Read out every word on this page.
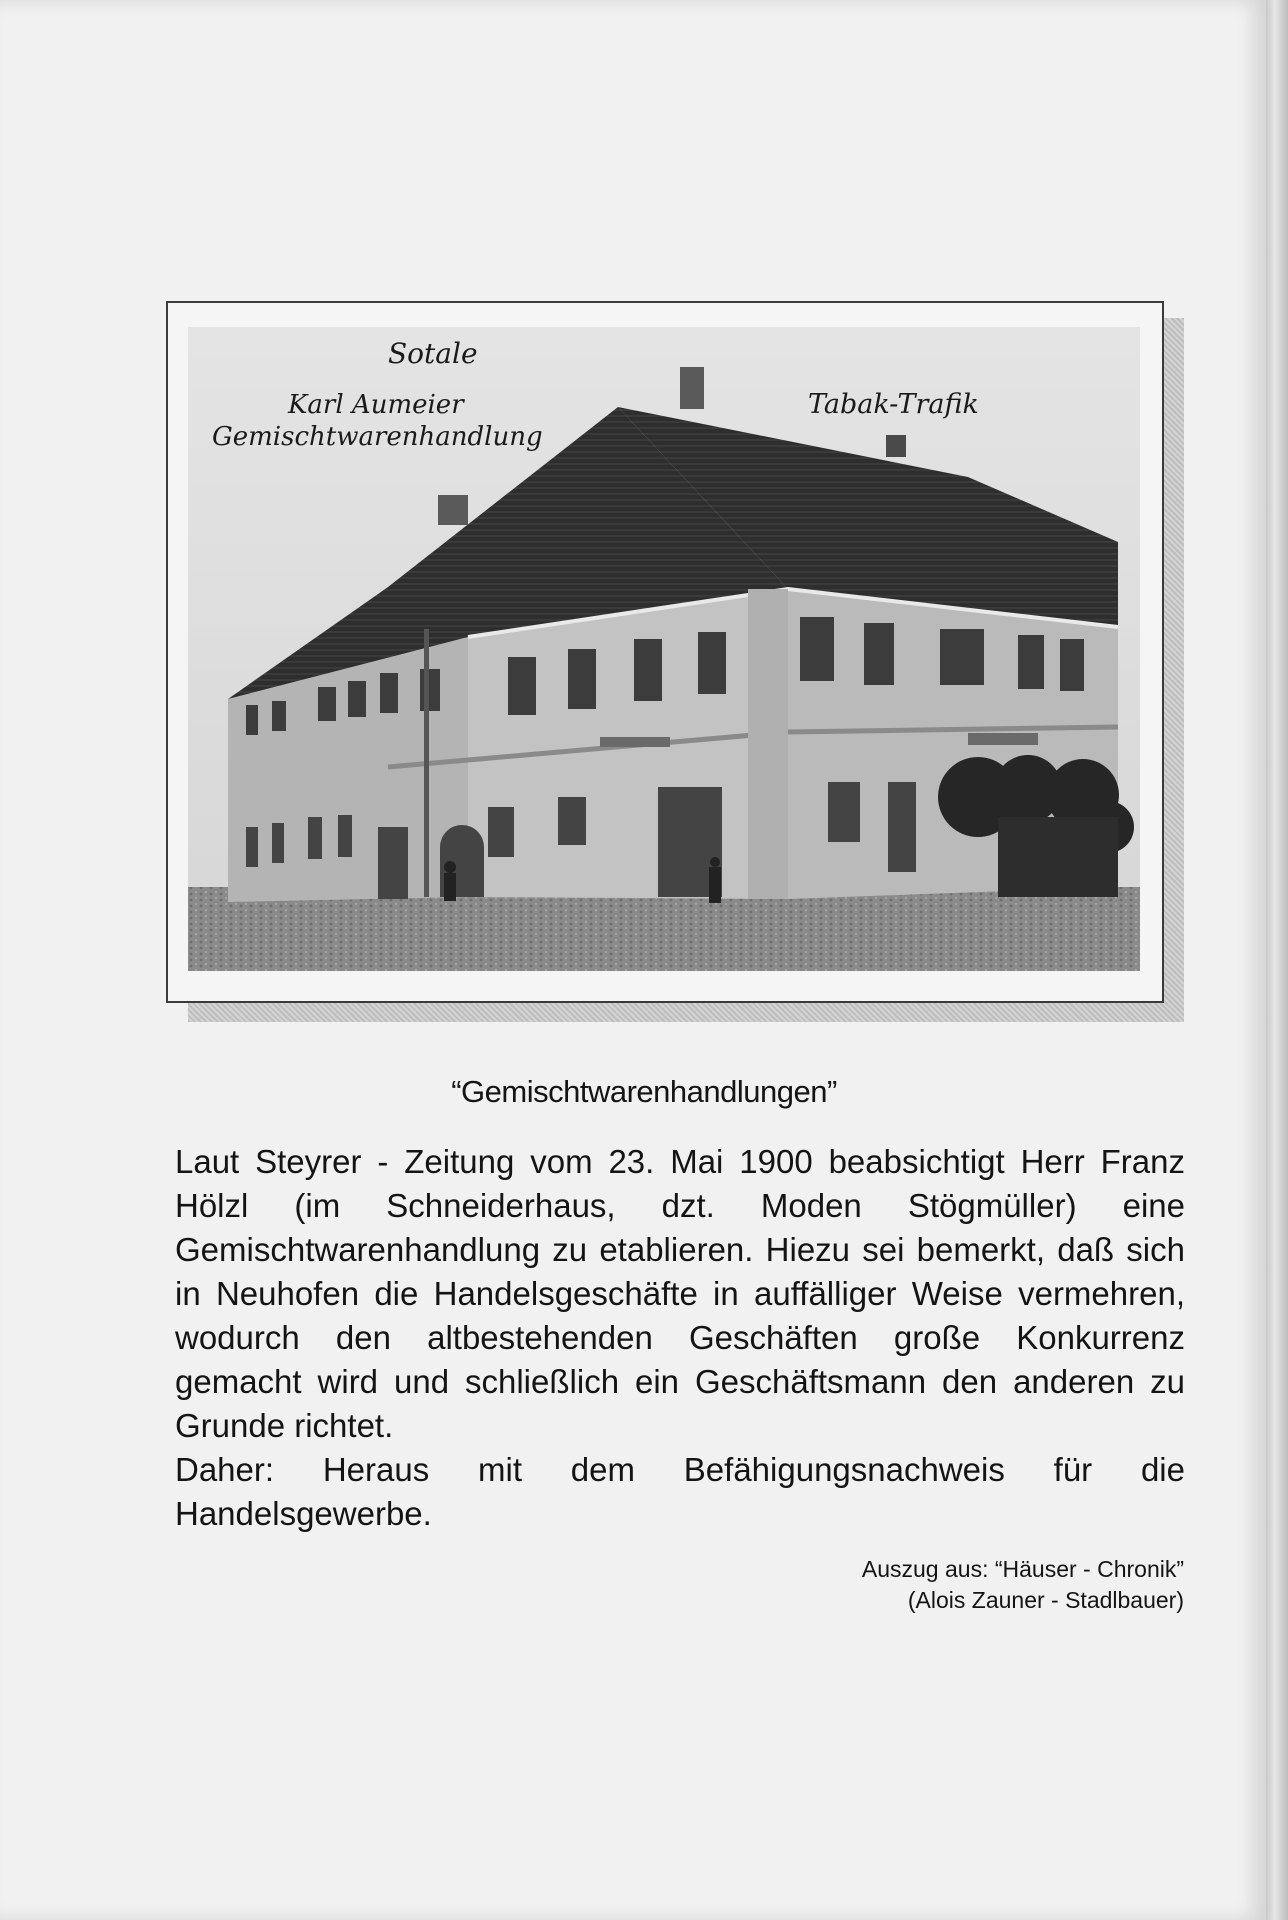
Sotale
Karl Aumeier
Gemischtwarenhandlung
Tabak-Trafik
“Gemischtwarenhandlungen”

Laut Steyrer - Zeitung vom 23. Mai 1900 beabsichtigt Herr Franz Hölzl (im Schneiderhaus, dzt. Moden Stögmüller) eine Gemischtwarenhandlung zu etablieren. Hiezu sei bemerkt, daß sich in Neuhofen die Handelsgeschäfte in auffälliger Weise vermehren, wodurch den altbestehenden Geschäften große Konkurrenz gemacht wird und schließlich ein Geschäftsmann den anderen zu Grunde richtet.

Daher: Heraus mit dem Befähigungsnachweis für die Handelsgewerbe.

Auszug aus: “Häuser - Chronik”
(Alois Zauner - Stadlbauer)
